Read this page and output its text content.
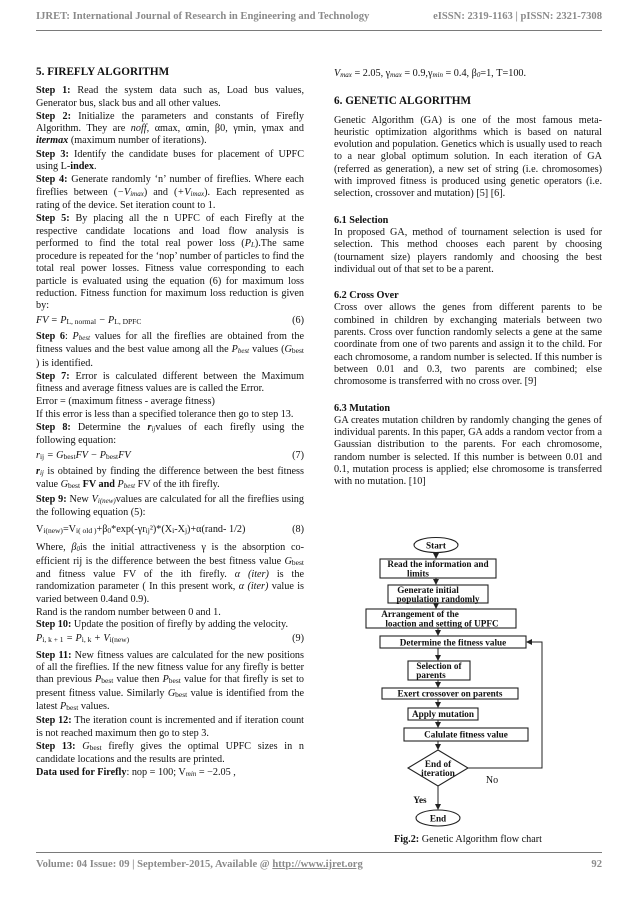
IJRET: International Journal of Research in Engineering and Technology	eISSN: 2319-1163 | pISSN: 2321-7308
5. FIREFLY ALGORITHM

Step 1: Read the system data such as, Load bus values, Generator bus, slack bus and all other values.

Step 2: Initialize the parameters and constants of Firefly Algorithm. They are noff, αmax, αmin, β0, γmin, γmax and itermax (maximum number of iterations).

Step 3: Identify the candidate buses for placement of UPFC using L-index.

Step 4: Generate randomly ‘n’ number of fireflies. Where each fireflies between (−Vimax) and (+Vimax). Each represented as rating of the device. Set iteration count to 1.

Step 5: By placing all the n UPFC of each Firefly at the respective candidate locations and load flow analysis is performed to find the total real power loss (PL).The same procedure is repeated for the ‘nop’ number of particles to find the total real power losses. Fitness value corresponding to each particle is evaluated using the equation (6) for maximum loss reduction. Fitness function for maximum loss reduction is given by:

FV = PL, normal − PL, DPFC	(6)

Step 6: Pbest values for all the fireflies are obtained from the fitness values and the best value among all the Pbest values (Gbest ) is identified.

Step 7: Error is calculated different between the Maximum fitness and average fitness values are is called the Error.

Error = (maximum fitness - average fitness)

If this error is less than a specified tolerance then go to step 13.

Step 8: Determine the rijvalues of each firefly using the following equation:

rij = GbestFV − PbestFV	(7)

rij is obtained by finding the difference between the best fitness value Gbest FV and Pbest FV of the ith firefly.

Step 9: New Vi(new)values are calculated for all the fireflies using the following equation (5):

Vi(new)=Vi( old )+β0*exp(-γrij²)*(Xi-Xj)+α(rand- 1/2)	(8)

Where, β0is the initial attractiveness γ is the absorption co-efficient rij is the difference between the best fitness value Gbest and fitness value FV of the ith firefly. α (iter) is the randomization parameter ( In this present work, α (iter) value is varied between 0.4and 0.9).

Rand is the random number between 0 and 1.

Step 10: Update the position of firefly by adding the velocity.

Pi, k + 1 = Pi, k + Vi(new)	(9)

Step 11: New fitness values are calculated for the new positions of all the fireflies. If the new fitness value for any firefly is better than previous Pbest value then Pbest value for that firefly is set to present fitness value. Similarly Gbest value is identified from the latest Pbest values.

Step 12: The iteration count is incremented and if iteration count is not reached maximum then go to step 3.

Step 13: Gbest firefly gives the optimal UPFC sizes in n candidate locations and the results are printed.

Data used for Firefly: nop = 100; Vmin = −2.05 ,

Vmax = 2.05, γmax = 0.9,γmin = 0.4, β0=1, T=100.

6. GENETIC ALGORITHM

Genetic Algorithm (GA) is one of the most famous meta-heuristic optimization algorithms which is based on natural evolution and population. Genetics which is usually used to reach to a near global optimum solution. In each iteration of GA (referred as generation), a new set of string (i.e. chromosomes) with improved fitness is produced using genetic operators (i.e. selection, crossover and mutation) [5] [6].

6.1 Selection

In proposed GA, method of tournament selection is used for selection. This method chooses each parent by choosing (tournament size) players randomly and choosing the best individual out of that set to be a parent.

6.2 Cross Over

Cross over allows the genes from different parents to be combined in children by exchanging materials between two parents. Cross over function randomly selects a gene at the same coordinate from one of two parents and assign it to the child. For each chromosome, a random number is selected. If this number is between 0.01 and 0.3, two parents are combined; else chromosome is transferred with no cross over. [9]

6.3 Mutation

GA creates mutation children by randomly changing the genes of individual parents. In this paper, GA adds a random vector from a Gaussian distribution to the parents. For each chromosome, random number is selected. If this number is between 0.01 and 0.1, mutation process is applied; else chromosome is transferred with no mutation. [10]

Start
Read the information and
limits
Generate initial
population randomly
Arrangement of the
loaction and setting of UPFC
Determine the fitness value
Selection of
parents
Exert crossover on parents
Apply mutation
Calulate fitness value
End of
iteration
No
Yes
End
Fig.2: Genetic Algorithm flow chart
Volume: 04 Issue: 09 | September-2015, Available @ http://www.ijret.org	92
